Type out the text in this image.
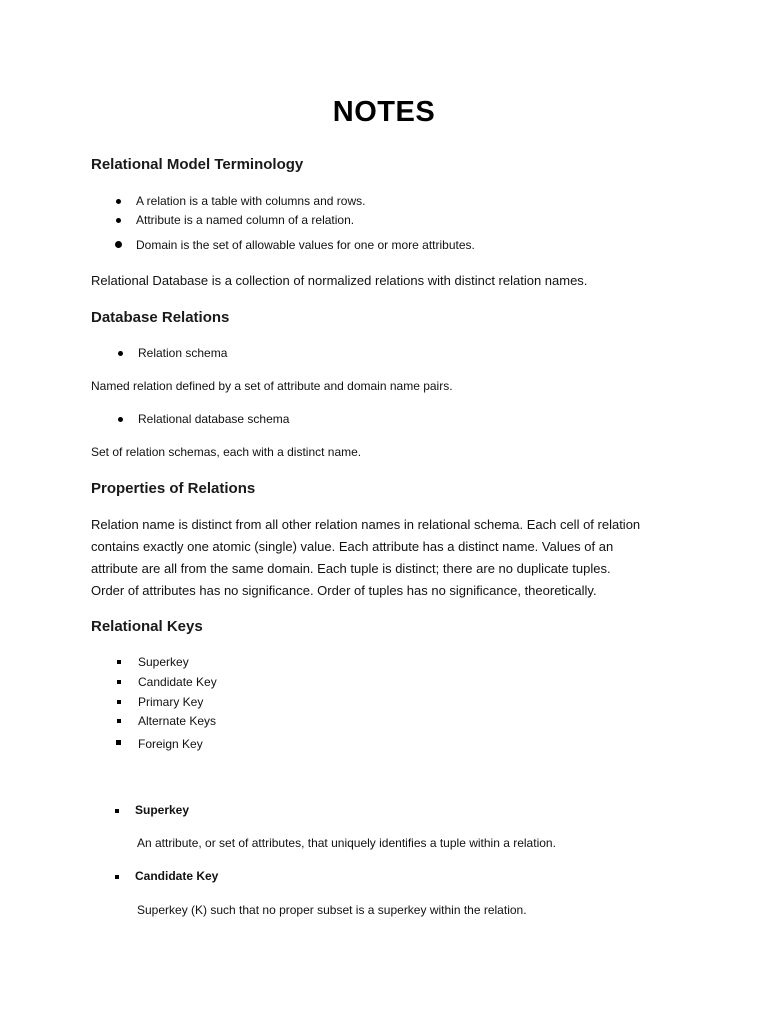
NOTES
Relational Model Terminology
A relation is a table with columns and rows.
Attribute is a named column of a relation.
Domain is the set of allowable values for one or more attributes.
Relational Database is a collection of normalized relations with distinct relation names.
Database Relations
Relation schema
Named relation defined by a set of attribute and domain name pairs.
Relational database schema
Set of relation schemas, each with a distinct name.
Properties of Relations
Relation name is distinct from all other relation names in relational schema. Each cell of relation
contains exactly one atomic (single) value. Each attribute has a distinct name. Values of an
attribute are all from the same domain. Each tuple is distinct; there are no duplicate tuples.
Order of attributes has no significance. Order of tuples has no significance, theoretically.
Relational Keys
Superkey
Candidate Key
Primary Key
Alternate Keys
Foreign Key
Superkey
An attribute, or set of attributes, that uniquely identifies a tuple within a relation.
Candidate Key
Superkey (K) such that no proper subset is a superkey within the relation.
